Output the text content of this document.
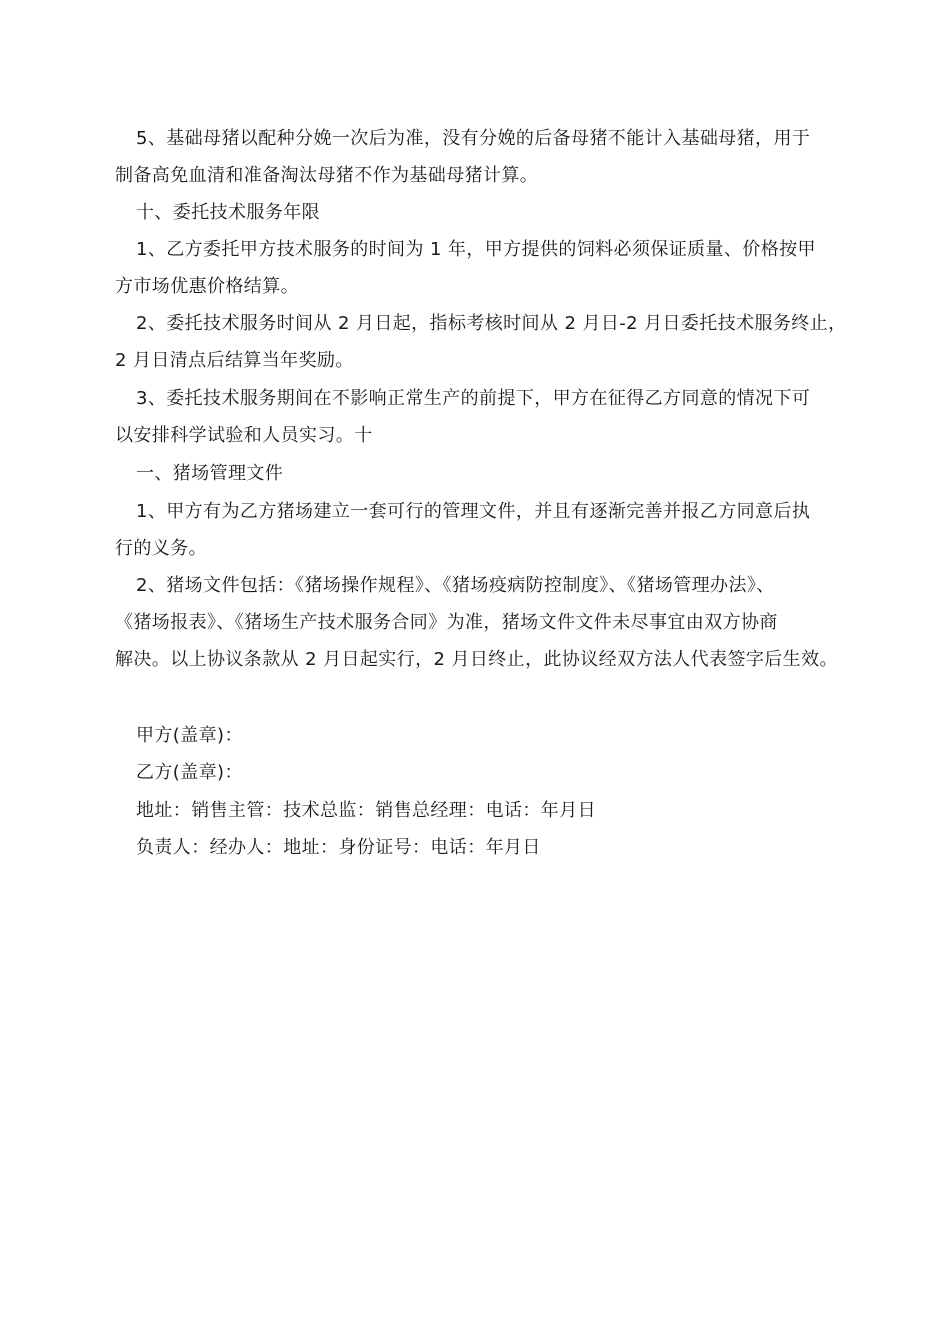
5、基础母猪以配种分娩一次后为准，没有分娩的后备母猪不能计入基础母猪，用于
制备高免血清和准备淘汰母猪不作为基础母猪计算。

十、委托技术服务年限

1、乙方委托甲方技术服务的时间为 1 年，甲方提供的饲料必须保证质量、价格按甲
方市场优惠价格结算。

2、委托技术服务时间从 2 月日起，指标考核时间从 2 月日-2 月日委托技术服务终止，
2 月日清点后结算当年奖励。

3、委托技术服务期间在不影响正常生产的前提下，甲方在征得乙方同意的情况下可
以安排科学试验和人员实习。十

一、猪场管理文件

1、甲方有为乙方猪场建立一套可行的管理文件，并且有逐渐完善并报乙方同意后执
行的义务。

2、猪场文件包括：《猪场操作规程》、《猪场疫病防控制度》、《猪场管理办法》、
《猪场报表》、《猪场生产技术服务合同》为准，猪场文件文件未尽事宜由双方协商
解决。以上协议条款从 2 月日起实行，2 月日终止，此协议经双方法人代表签字后生效。

甲方(盖章)：

乙方(盖章)：

地址：销售主管：技术总监：销售总经理：电话：年月日

负责人：经办人：地址：身份证号：电话：年月日
